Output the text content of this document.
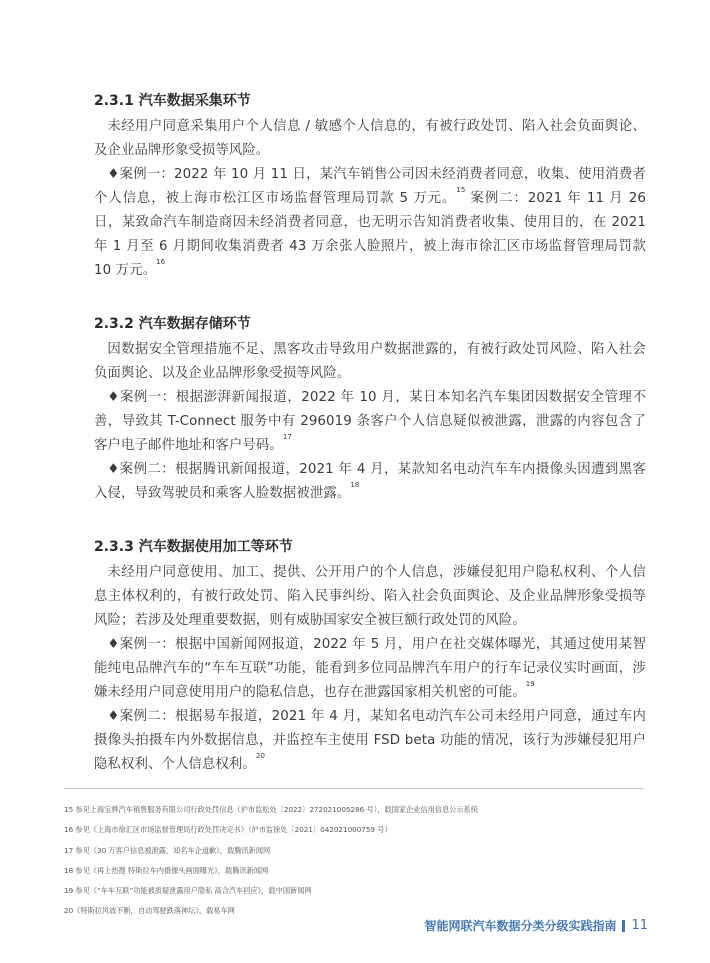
2.3.1 汽车数据采集环节

未经用户同意采集用户个人信息 / 敏感个人信息的，有被行政处罚、陷入社会负面舆论、及企业品牌形象受损等风险。

♦案例一：2022 年 10 月 11 日，某汽车销售公司因未经消费者同意，收集、使用消费者个人信息，被上海市松江区市场监督管理局罚款 5 万元。$^{15}$ 案例二：2021 年 11 月 26 日，某致命汽车制造商因未经消费者同意，也无明示告知消费者收集、使用目的，在 2021 年 1 月至 6 月期间收集消费者 43 万余张人脸照片，被上海市徐汇区市场监督管理局罚款 10 万元。$^{16}$

2.3.2 汽车数据存储环节

因数据安全管理措施不足、黑客攻击导致用户数据泄露的，有被行政处罚风险、陷入社会负面舆论、以及企业品牌形象受损等风险。

♦案例一：根据澎湃新闻报道，2022 年 10 月，某日本知名汽车集团因数据安全管理不善，导致其 T-Connect 服务中有 296019 条客户个人信息疑似被泄露，泄露的内容包含了客户电子邮件地址和客户号码。$^{17}$

♦案例二：根据腾讯新闻报道，2021 年 4 月，某款知名电动汽车车内摄像头因遭到黑客入侵，导致驾驶员和乘客人脸数据被泄露。$^{18}$

2.3.3 汽车数据使用加工等环节

未经用户同意使用、加工、提供、公开用户的个人信息，涉嫌侵犯用户隐私权利、个人信息主体权利的，有被行政处罚、陷入民事纠纷、陷入社会负面舆论、及企业品牌形象受损等风险；若涉及处理重要数据，则有威胁国家安全被巨额行政处罚的风险。

♦案例一：根据中国新闻网报道，2022 年 5 月，用户在社交媒体曝光，其通过使用某智能纯电品牌汽车的“车车互联”功能，能看到多位同品牌汽车用户的行车记录仪实时画面，涉嫌未经用户同意使用用户的隐私信息，也存在泄露国家相关机密的可能。$^{19}$

♦案例二：根据易车报道，2021 年 4 月，某知名电动汽车公司未经用户同意，通过车内摄像头拍摄车内外数据信息，并监控车主使用 FSD beta 功能的情况，该行为涉嫌侵犯用户隐私权利、个人信息权利。$^{20}$

15 参见上海宝骅汽车销售服务有限公司行政处罚信息（沪市监松处〔2022〕272021005286 号），载国家企业信用信息公示系统
16 参见《上海市徐汇区市场监督管理局行政处罚决定书》（沪市监徐处〔2021〕042021000759 号）
17 参见《30 万客户信息被泄露，知名车企道歉》，载腾讯新闻网
18 参见《再上热搜 特斯拉车内摄像头画面曝光》，载腾讯新闻网
19 参见《“车车互联”功能被质疑泄露用户隐私 高合汽车回应》，载中国新闻网
20《特斯拉风波不断，自动驾驶跌落神坛》，载易车网
智能网联汽车数据分类分级实践指南 11
